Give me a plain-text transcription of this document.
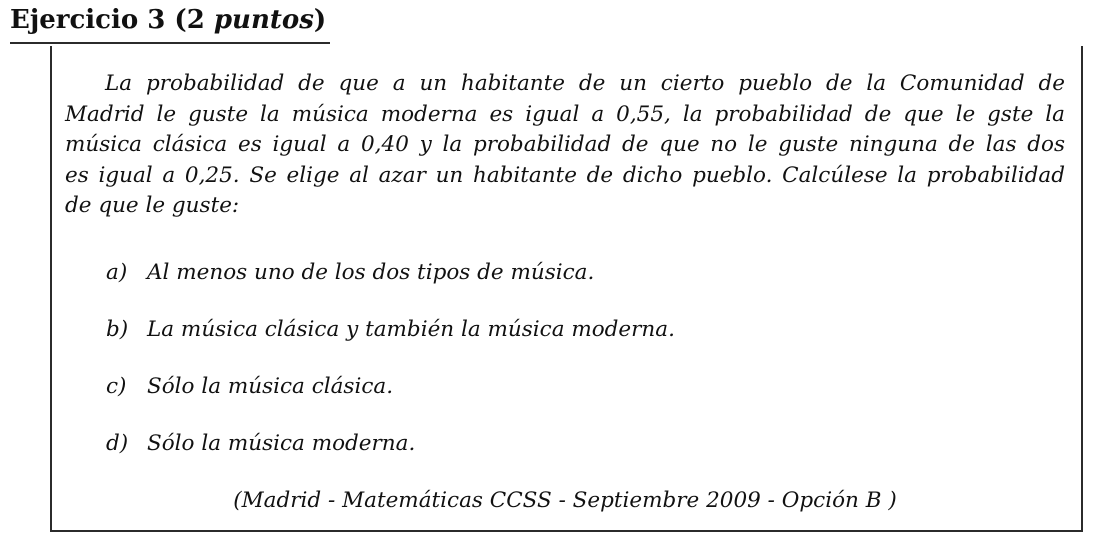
Ejercicio 3 (2 puntos)
La probabilidad de que a un habitante de un cierto pueblo de la Comunidad de
Madrid le guste la música moderna es igual a 0,55, la probabilidad de que le gste la
música clásica es igual a 0,40 y la probabilidad de que no le guste ninguna de las dos
es igual a 0,25. Se elige al azar un habitante de dicho pueblo. Calcúlese la probabilidad
de que le guste:
a) Al menos uno de los dos tipos de música.
b) La música clásica y también la música moderna.
c) Sólo la música clásica.
d) Sólo la música moderna.
(Madrid - Matemáticas CCSS - Septiembre 2009 - Opción B )
